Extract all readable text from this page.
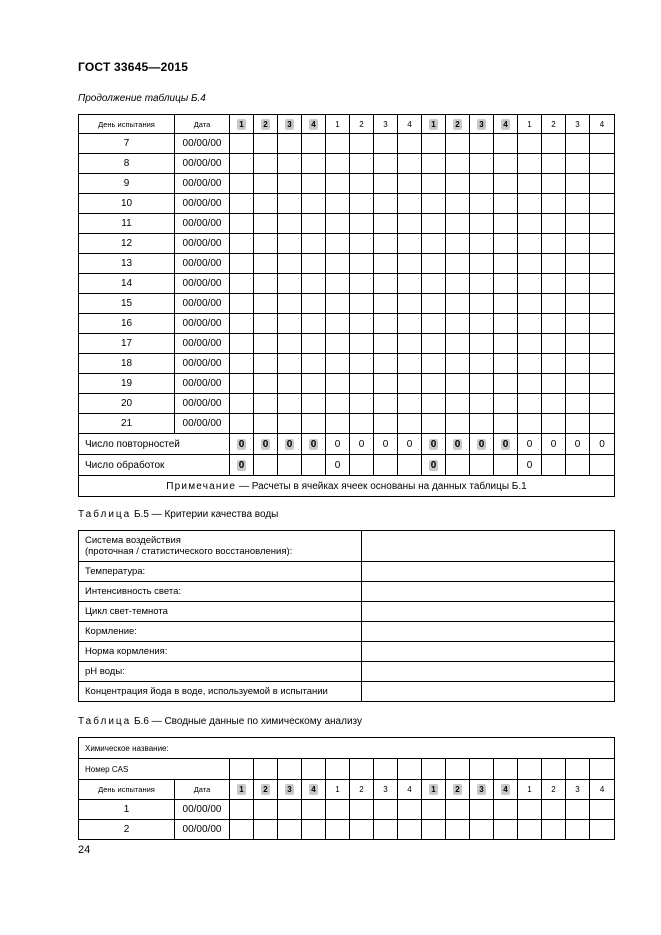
ГОСТ 33645—2015
Продолжение таблицы Б.4
День испытания	Дата	1	2	3	4	1	2	3	4	1	2	3	4	1	2	3	4
7	00/00/00																
8	00/00/00																
9	00/00/00																
10	00/00/00																
11	00/00/00																
12	00/00/00																
13	00/00/00																
14	00/00/00																
15	00/00/00																
16	00/00/00																
17	00/00/00																
18	00/00/00																
19	00/00/00																
20	00/00/00																
21	00/00/00																
Число повторностей		0	0	0	0	0	0	0	0	0	0	0	0	0	0	0	0
Число обработок		0				0				0				0			
Примечание — Расчеты в ячейках ячеек основаны на данных таблицы Б.1																	
Таблица Б.5 — Критерии качества воды
Система воздействия
(проточная / статистического восстановления):	
Температура:	
Интенсивность света:	
Цикл свет-темнота	
Кормление:	
Норма кормления:	
рН воды:	
Концентрация йода в воде, используемой в испытании	
Таблица Б.6 — Сводные данные по химическому анализу
Химическое название:																	
Номер CAS																	
День испытания	Дата	1	2	3	4	1	2	3	4	1	2	3	4	1	2	3	4
1	00/00/00																
2	00/00/00																
24
